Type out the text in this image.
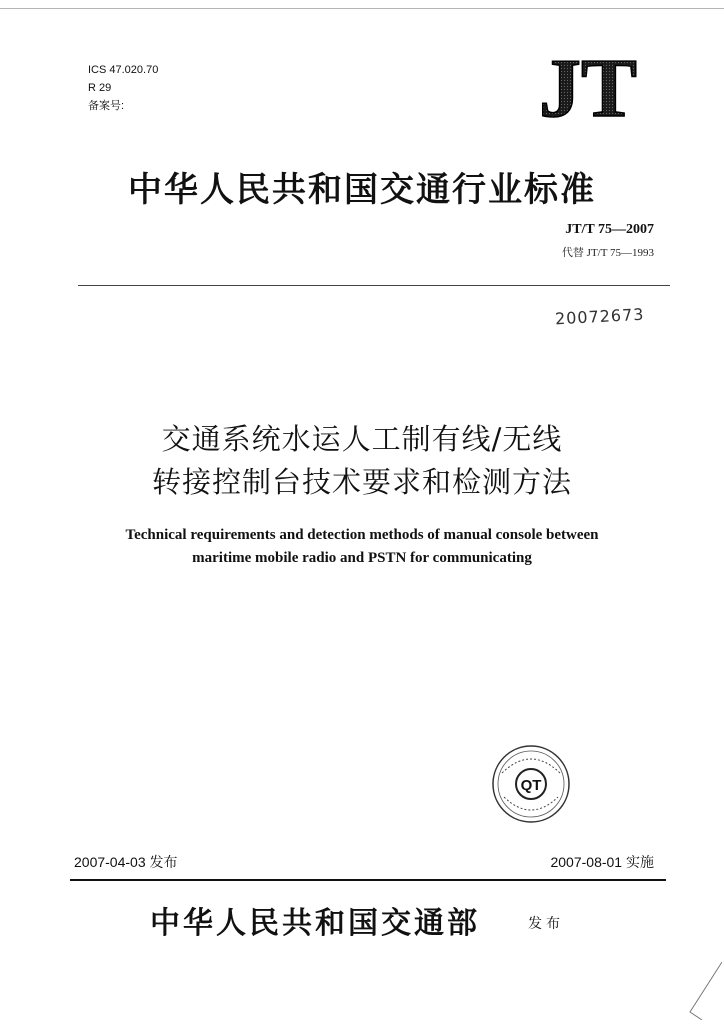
ICS 47.020.70
R 29
备案号:	JT
中华人民共和国交通行业标准
JT/T 75—2007
代替 JT/T 75—1993
20072673
交通系统水运人工制有线/无线
转接控制台技术要求和检测方法
Technical requirements and detection methods of manual console between
maritime mobile radio and PSTN for communicating
QT
2007-04-03 发布	2007-08-01 实施
中华人民共和国交通部	发布
